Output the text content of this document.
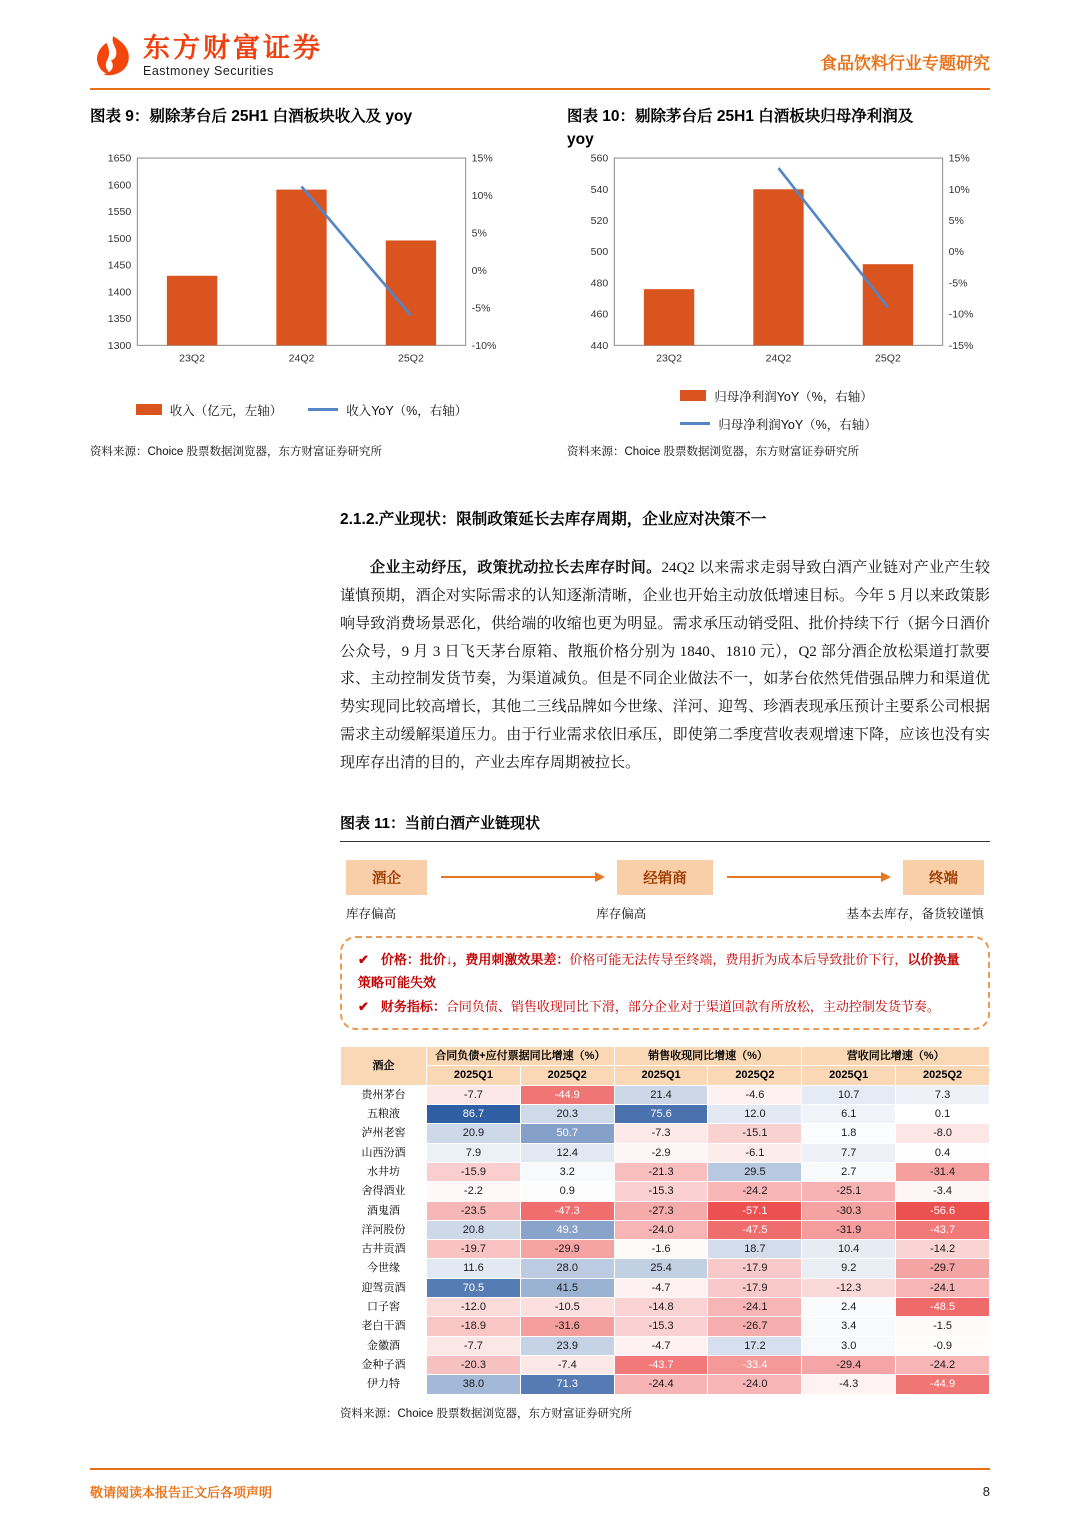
东方财富证券
Eastmoney Securities	食品饮料行业专题研究
图表 9：剔除茅台后 25H1 白酒板块收入及 yoy
1300
1350
1400
1450
1500
1550
1600
1650
-10%
-5%
0%
5%
10%
15%
23Q2	24Q2	25Q2
收入（亿元，左轴）	收入YoY（%，右轴）
资料来源：Choice 股票数据浏览器，东方财富证券研究所
图表 10：剔除茅台后 25H1 白酒板块归母净利润及 yoy
440
460
480
500
520
540
560
-15%
-10%
-5%
0%
5%
10%
15%
23Q2	24Q2	25Q2
归母净利润YoY（%，右轴）
归母净利润YoY（%，右轴）
资料来源：Choice 股票数据浏览器，东方财富证券研究所
2.1.2.产业现状：限制政策延长去库存周期，企业应对决策不一

企业主动纾压，政策扰动拉长去库存时间。24Q2 以来需求走弱导致白酒产业链对产业产生较谨慎预期，酒企对实际需求的认知逐渐清晰，企业也开始主动放低增速目标。今年 5 月以来政策影响导致消费场景恶化，供给端的收缩也更为明显。需求承压动销受阻、批价持续下行（据今日酒价公众号，9 月 3 日飞天茅台原箱、散瓶价格分别为 1840、1810 元），Q2 部分酒企放松渠道打款要求、主动控制发货节奏，为渠道减负。但是不同企业做法不一，如茅台依然凭借强品牌力和渠道优势实现同比较高增长，其他二三线品牌如今世缘、洋河、迎驾、珍酒表现承压预计主要系公司根据需求主动缓解渠道压力。由于行业需求依旧承压，即使第二季度营收表观增速下降，应该也没有实现库存出清的目的，产业去库存周期被拉长。

图表 11：当前白酒产业链现状
酒企	经销商	终端
库存偏高	库存偏高	基本去库存，备货较谨慎
✔ 价格：批价↓，费用刺激效果差：价格可能无法传导至终端，费用折为成本后导致批价下行，以价换量策略可能失效
✔ 财务指标：合同负债、销售收现同比下滑，部分企业对于渠道回款有所放松，主动控制发货节奏。
酒企	合同负债+应付票据同比增速（%）		销售收现同比增速（%）		营收同比增速（%）	
	2025Q1	2025Q2	2025Q1	2025Q2	2025Q1	2025Q2
贵州茅台	-7.7	-44.9	21.4	-4.6	10.7	7.3
五粮液	86.7	20.3	75.6	12.0	6.1	0.1
泸州老窖	20.9	50.7	-7.3	-15.1	1.8	-8.0
山西汾酒	7.9	12.4	-2.9	-6.1	7.7	0.4
水井坊	-15.9	3.2	-21.3	29.5	2.7	-31.4
舍得酒业	-2.2	0.9	-15.3	-24.2	-25.1	-3.4
酒鬼酒	-23.5	-47.3	-27.3	-57.1	-30.3	-56.6
洋河股份	20.8	49.3	-24.0	-47.5	-31.9	-43.7
古井贡酒	-19.7	-29.9	-1.6	18.7	10.4	-14.2
今世缘	11.6	28.0	25.4	-17.9	9.2	-29.7
迎驾贡酒	70.5	41.5	-4.7	-17.9	-12.3	-24.1
口子窖	-12.0	-10.5	-14.8	-24.1	2.4	-48.5
老白干酒	-18.9	-31.6	-15.3	-26.7	3.4	-1.5
金徽酒	-7.7	23.9	-4.7	17.2	3.0	-0.9
金种子酒	-20.3	-7.4	-43.7	-33.4	-29.4	-24.2
伊力特	38.0	71.3	-24.4	-24.0	-4.3	-44.9
资料来源：Choice 股票数据浏览器，东方财富证券研究所
敬请阅读本报告正文后各项声明	8
